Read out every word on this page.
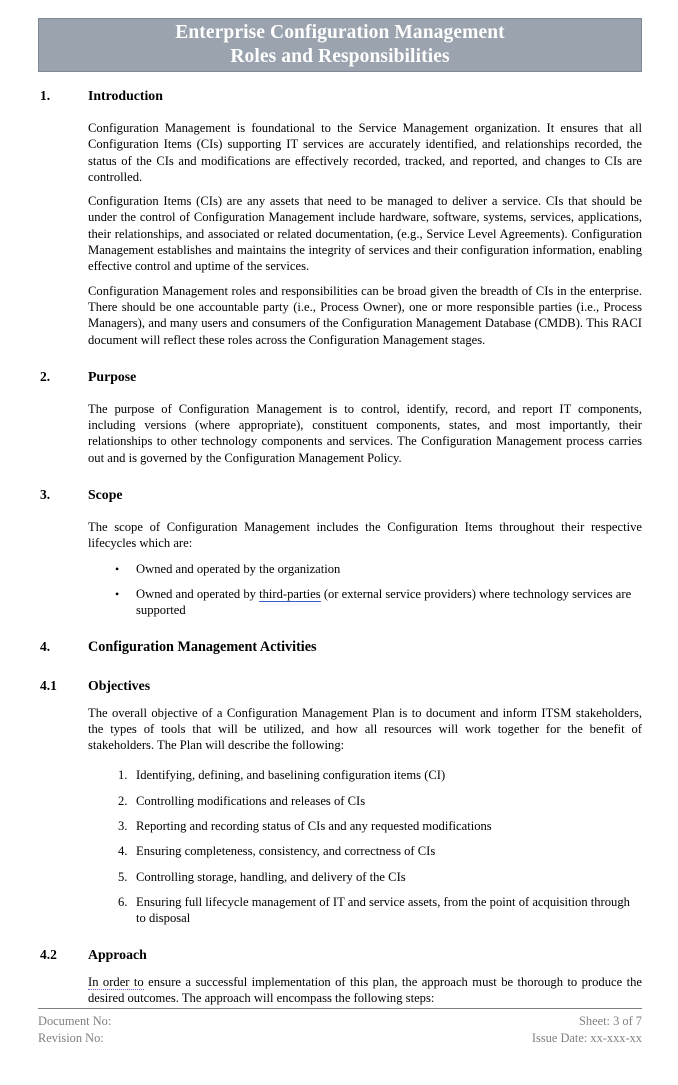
Enterprise Configuration Management
Roles and Responsibilities
1.	Introduction

Configuration Management is foundational to the Service Management organization. It ensures that all Configuration Items (CIs) supporting IT services are accurately identified, and relationships recorded, the status of the CIs and modifications are effectively recorded, tracked, and reported, and changes to CIs are controlled.

Configuration Items (CIs) are any assets that need to be managed to deliver a service. CIs that should be under the control of Configuration Management include hardware, software, systems, services, applications, their relationships, and associated or related documentation, (e.g., Service Level Agreements). Configuration Management establishes and maintains the integrity of services and their configuration information, enabling effective control and uptime of the services.

Configuration Management roles and responsibilities can be broad given the breadth of CIs in the enterprise. There should be one accountable party (i.e., Process Owner), one or more responsible parties (i.e., Process Managers), and many users and consumers of the Configuration Management Database (CMDB). This RACI document will reflect these roles across the Configuration Management stages.

2.	Purpose

The purpose of Configuration Management is to control, identify, record, and report IT components, including versions (where appropriate), constituent components, states, and most importantly, their relationships to other technology components and services. The Configuration Management process carries out and is governed by the Configuration Management Policy.

3.	Scope

The scope of Configuration Management includes the Configuration Items throughout their respective lifecycles which are:

• Owned and operated by the organization
• Owned and operated by third-parties (or external service providers) where technology services are supported
4.	Configuration Management Activities
4.1 Objectives

The overall objective of a Configuration Management Plan is to document and inform ITSM stakeholders, the types of tools that will be utilized, and how all resources will work together for the benefit of stakeholders. The Plan will describe the following:

1. Identifying, defining, and baselining configuration items (CI)
2. Controlling modifications and releases of CIs
3. Reporting and recording status of CIs and any requested modifications
4. Ensuring completeness, consistency, and correctness of CIs
5. Controlling storage, handling, and delivery of the CIs
6. Ensuring full lifecycle management of IT and service assets, from the point of acquisition through to disposal
4.2 Approach

In order to ensure a successful implementation of this plan, the approach must be thorough to produce the desired outcomes. The approach will encompass the following steps:

Document No:	Sheet: 3 of 7
Revision No:	Issue Date: xx-xxx-xx
